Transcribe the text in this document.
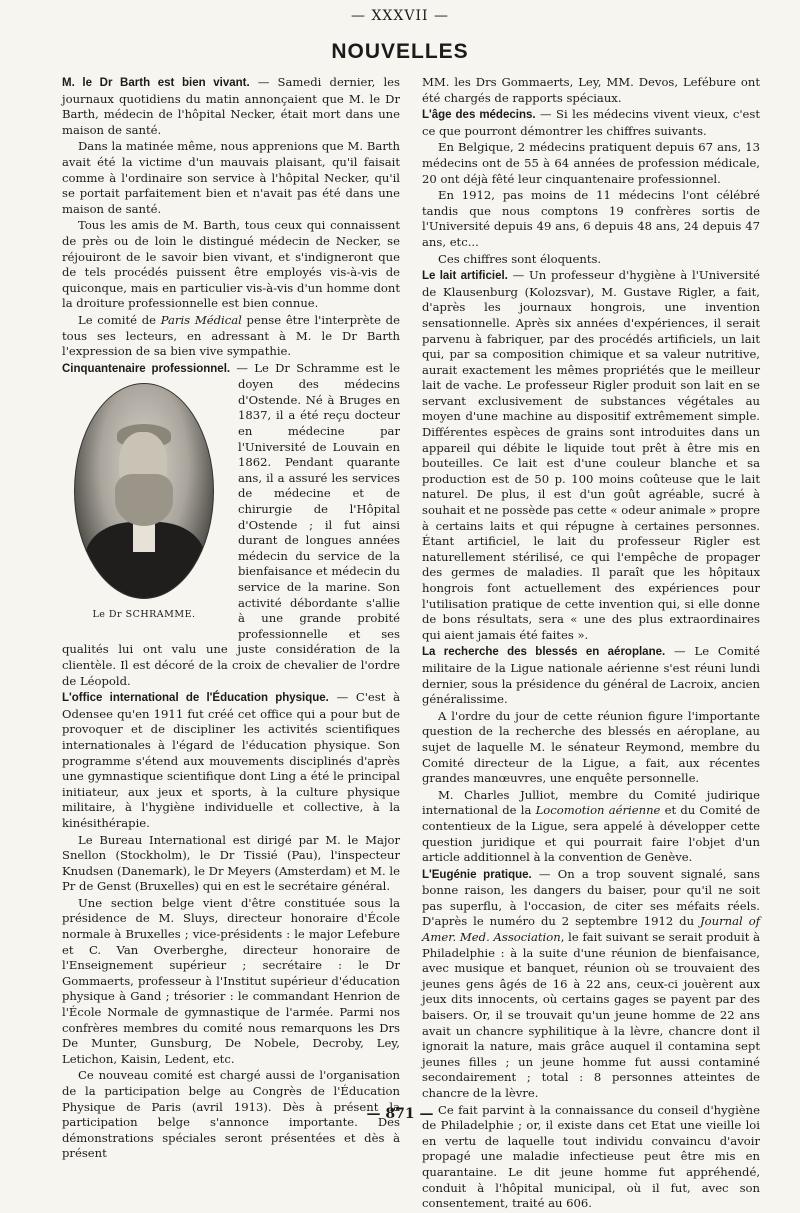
— XXXVII —
NOUVELLES

M. le Dr Barth est bien vivant. — Samedi dernier, les journaux quotidiens du matin annonçaient que M. le Dr Barth, médecin de l'hôpital Necker, était mort dans une maison de santé.

Dans la matinée même, nous apprenions que M. Barth avait été la victime d'un mauvais plaisant, qu'il faisait comme à l'ordinaire son service à l'hôpital Necker, qu'il se portait parfaitement bien et n'avait pas été dans une maison de santé.

Tous les amis de M. Barth, tous ceux qui connaissent de près ou de loin le distingué médecin de Necker, se réjouiront de le savoir bien vivant, et s'indigneront que de tels procédés puissent être employés vis-à-vis de quiconque, mais en particulier vis-à-vis d'un homme dont la droiture professionnelle est bien connue.

Le comité de Paris Médical pense être l'interprète de tous ses lecteurs, en adressant à M. le Dr Barth l'expression de sa bien vive sympathie.

Cinquantenaire professionnel.
Le Dr SCHRAMME.
— Le Dr Schramme est le doyen des médecins d'Ostende. Né à Bruges en 1837, il a été reçu docteur en médecine par l'Université de Louvain en 1862. Pendant quarante ans, il a assuré les services de médecine et de chirurgie de l'Hôpital d'Ostende ; il fut ainsi durant de longues années médecin du service de la bienfaisance et médecin du service de la marine. Son activité débordante s'allie à une grande probité professionnelle et ses qualités lui ont valu une juste considération de la clientèle. Il est décoré de la croix de chevalier de l'ordre de Léopold.

L'office international de l'Éducation physique. — C'est à Odensee qu'en 1911 fut créé cet office qui a pour but de provoquer et de discipliner les activités scientifiques internationales à l'égard de l'éducation physique. Son programme s'étend aux mouvements disciplinés d'après une gymnastique scientifique dont Ling a été le principal initiateur, aux jeux et sports, à la culture physique militaire, à l'hygiène individuelle et collective, à la kinésithérapie.

Le Bureau International est dirigé par M. le Major Snellon (Stockholm), le Dr Tissié (Pau), l'inspecteur Knudsen (Danemark), le Dr Meyers (Amsterdam) et M. le Pr de Genst (Bruxelles) qui en est le secrétaire général.

Une section belge vient d'être constituée sous la présidence de M. Sluys, directeur honoraire d'École normale à Bruxelles ; vice-présidents : le major Lefebure et C. Van Overberghe, directeur honoraire de l'Enseignement supérieur ; secrétaire : le Dr Gommaerts, professeur à l'Institut supérieur d'éducation physique à Gand ; trésorier : le commandant Henrion de l'École Normale de gymnastique de l'armée. Parmi nos confrères membres du comité nous remarquons les Drs De Munter, Gunsburg, De Nobele, Decroby, Ley, Letichon, Kaisin, Ledent, etc.

Ce nouveau comité est chargé aussi de l'organisation de la participation belge au Congrès de l'Éducation Physique de Paris (avril 1913). Dès à présent la participation belge s'annonce importante. Des démonstrations spéciales seront présentées et dès à présent

MM. les Drs Gommaerts, Ley, MM. Devos, Lefébure ont été chargés de rapports spéciaux.

L'âge des médecins. — Si les médecins vivent vieux, c'est ce que pourront démontrer les chiffres suivants.

En Belgique, 2 médecins pratiquent depuis 67 ans, 13 médecins ont de 55 à 64 années de profession médicale, 20 ont déjà fêté leur cinquantenaire professionnel.

En 1912, pas moins de 11 médecins l'ont célébré tandis que nous comptons 19 confrères sortis de l'Université depuis 49 ans, 6 depuis 48 ans, 24 depuis 47 ans, etc...

Ces chiffres sont éloquents.

Le lait artificiel. — Un professeur d'hygiène à l'Université de Klausenburg (Kolozsvar), M. Gustave Rigler, a fait, d'après les journaux hongrois, une invention sensationnelle. Après six années d'expériences, il serait parvenu à fabriquer, par des procédés artificiels, un lait qui, par sa composition chimique et sa valeur nutritive, aurait exactement les mêmes propriétés que le meilleur lait de vache. Le professeur Rigler produit son lait en se servant exclusivement de substances végétales au moyen d'une machine au dispositif extrêmement simple. Différentes espèces de grains sont introduites dans un appareil qui débite le liquide tout prêt à être mis en bouteilles. Ce lait est d'une couleur blanche et sa production est de 50 p. 100 moins coûteuse que le lait naturel. De plus, il est d'un goût agréable, sucré à souhait et ne possède pas cette « odeur animale » propre à certains laits et qui répugne à certaines personnes. Étant artificiel, le lait du professeur Rigler est naturellement stérilisé, ce qui l'empêche de propager des germes de maladies. Il paraît que les hôpitaux hongrois font actuellement des expériences pour l'utilisation pratique de cette invention qui, si elle donne de bons résultats, sera « une des plus extraordinaires qui aient jamais été faites ».

La recherche des blessés en aéroplane. — Le Comité militaire de la Ligue nationale aérienne s'est réuni lundi dernier, sous la présidence du général de Lacroix, ancien généralissime.

A l'ordre du jour de cette réunion figure l'importante question de la recherche des blessés en aéroplane, au sujet de laquelle M. le sénateur Reymond, membre du Comité directeur de la Ligue, a fait, aux récentes grandes manœuvres, une enquête personnelle.

M. Charles Julliot, membre du Comité judirique international de la Locomotion aérienne et du Comité de contentieux de la Ligue, sera appelé à développer cette question juridique et qui pourrait faire l'objet d'un article additionnel à la convention de Genève.

L'Eugénie pratique. — On a trop souvent signalé, sans bonne raison, les dangers du baiser, pour qu'il ne soit pas superflu, à l'occasion, de citer ses méfaits réels. D'après le numéro du 2 septembre 1912 du Journal of Amer. Med. Association, le fait suivant se serait produit à Philadelphie : à la suite d'une réunion de bienfaisance, avec musique et banquet, réunion où se trouvaient des jeunes gens âgés de 16 à 22 ans, ceux-ci jouèrent aux jeux dits innocents, où certains gages se payent par des baisers. Or, il se trouvait qu'un jeune homme de 22 ans avait un chancre syphilitique à la lèvre, chancre dont il ignorait la nature, mais grâce auquel il contamina sept jeunes filles ; un jeune homme fut aussi contaminé secondairement ; total : 8 personnes atteintes de chancre de la lèvre.

Ce fait parvint à la connaissance du conseil d'hygiène de Philadelphie ; or, il existe dans cet Etat une vieille loi en vertu de laquelle tout individu convaincu d'avoir propagé une maladie infectieuse peut être mis en quarantaine. Le dit jeune homme fut appréhendé, conduit à l'hôpital municipal, où il fut, avec son consentement, traité au 606.

— 871 —
